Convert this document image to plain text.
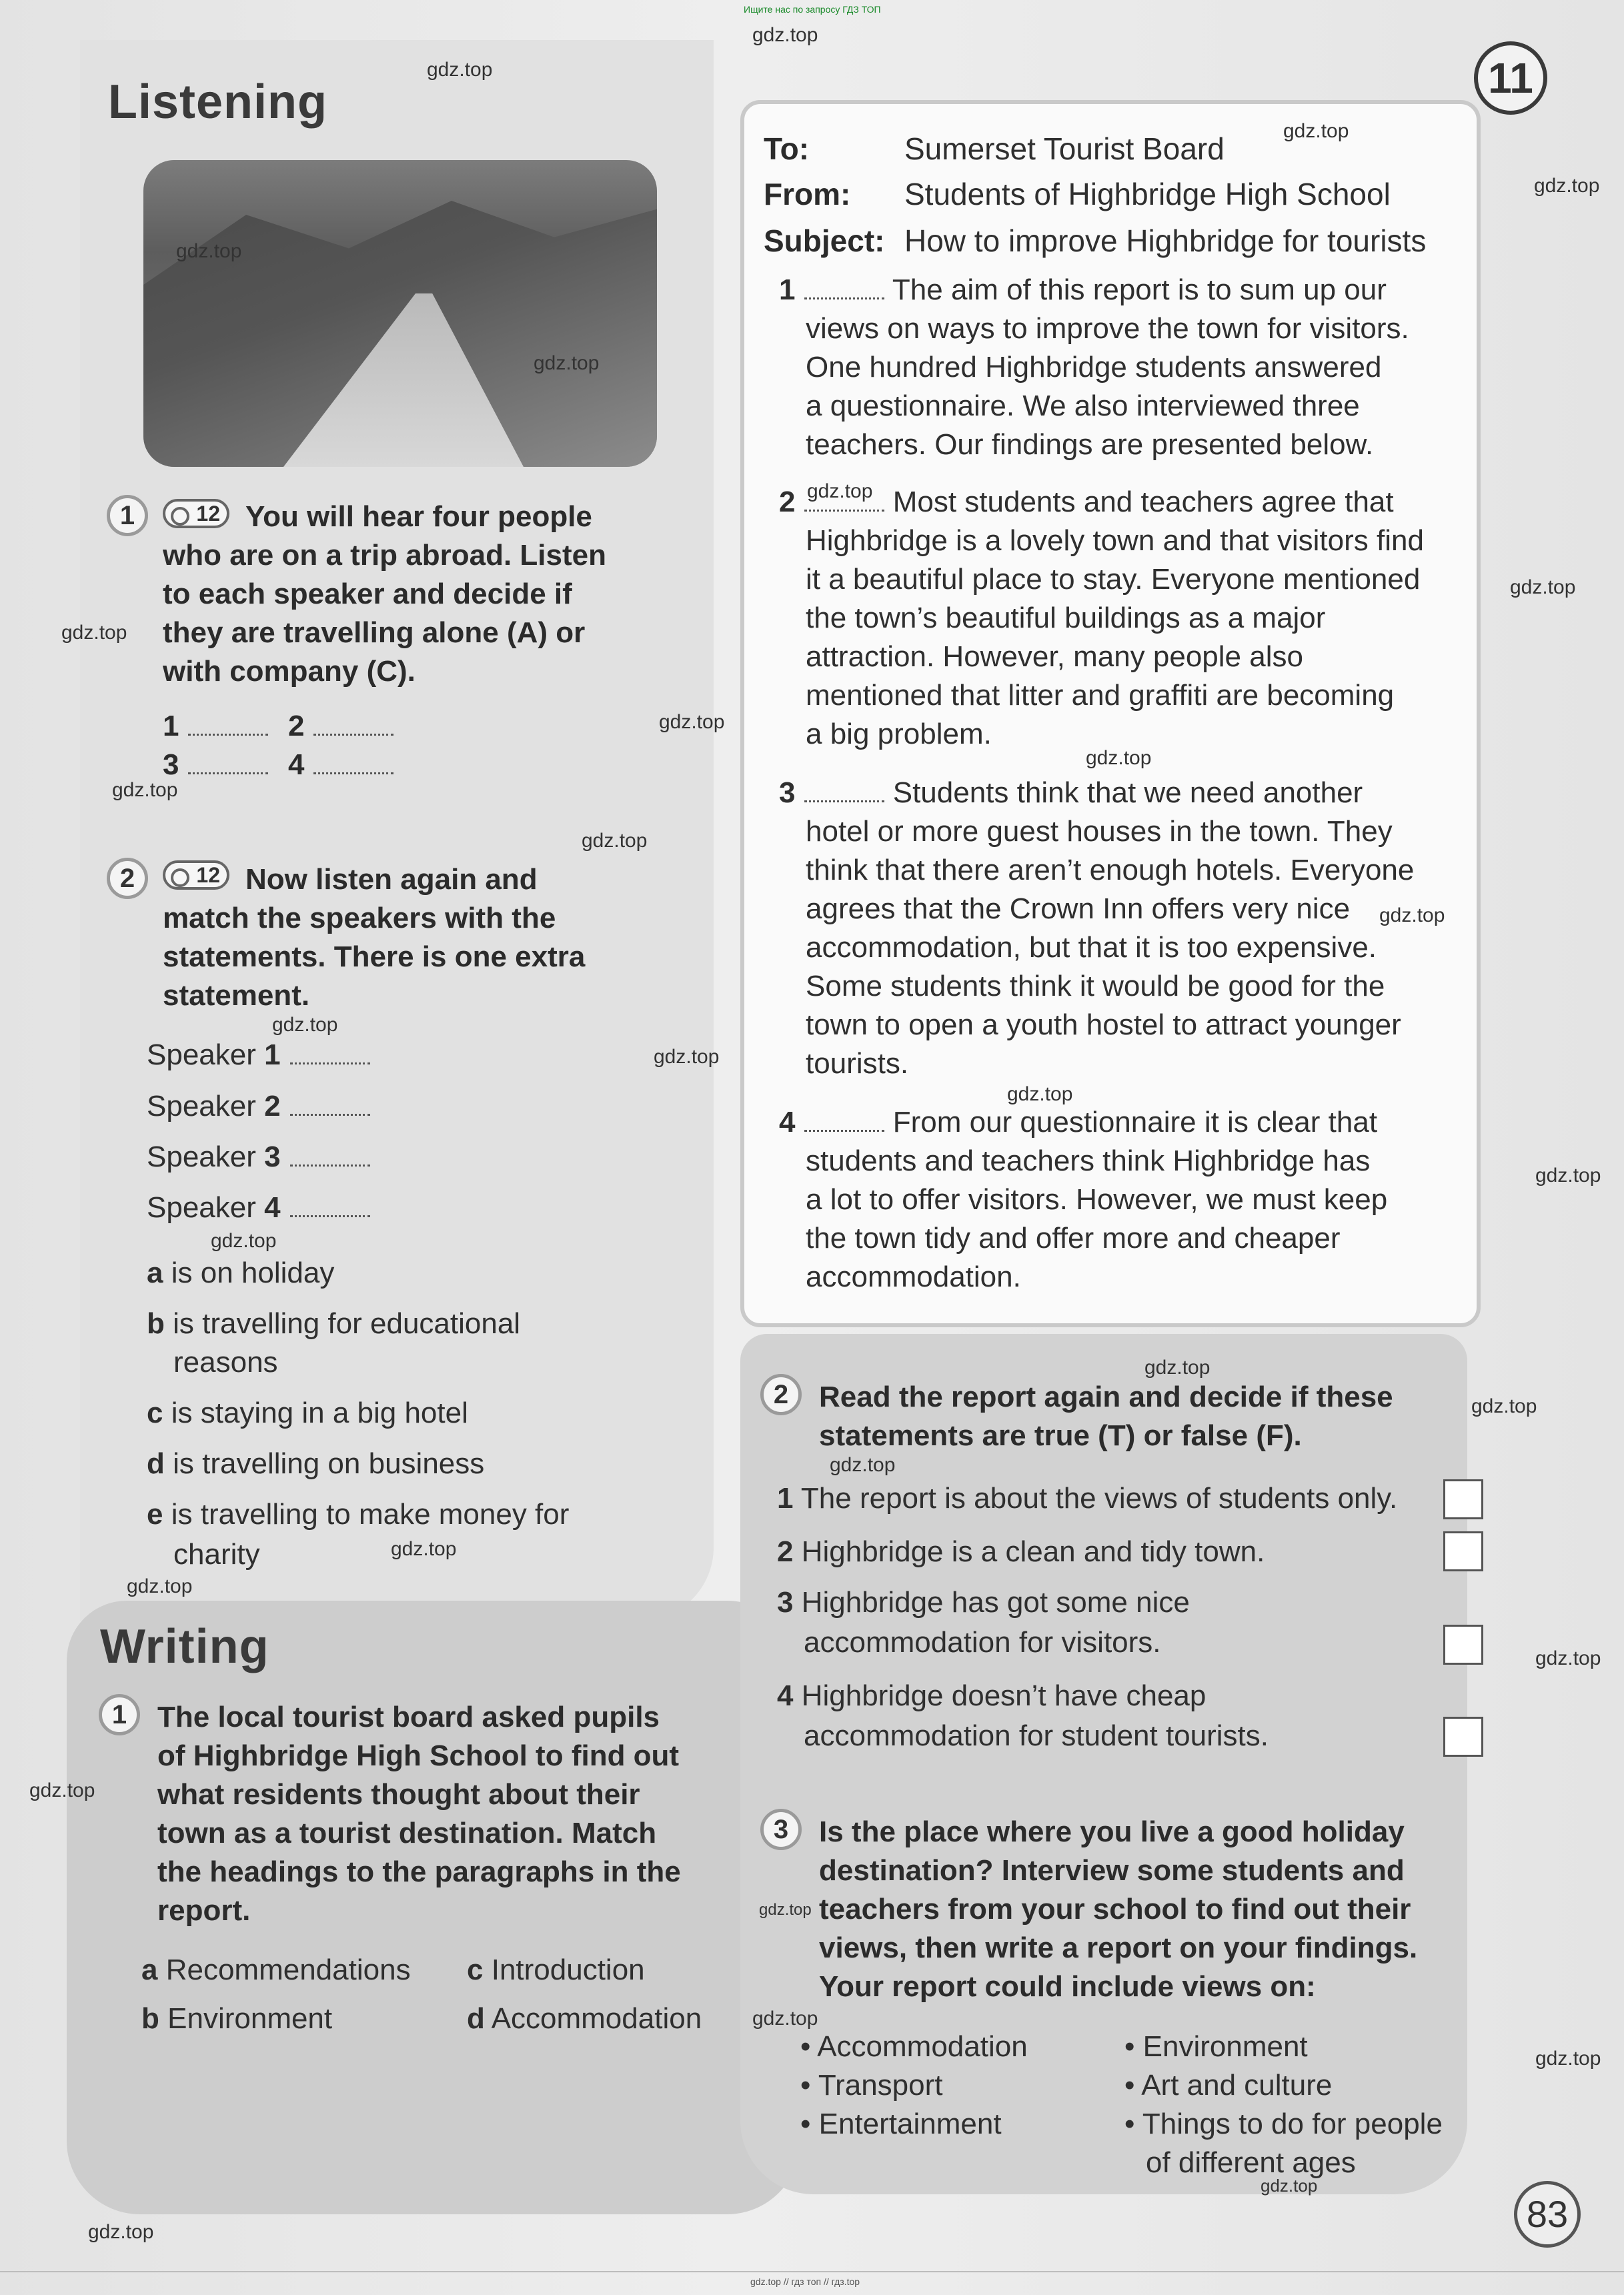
Ищите нас по запросу ГДЗ ТОП
Listening
1	12 You will hear four people
who are on a trip abroad. Listen
to each speaker and decide if
they are travelling alone (A) or
with company (C).
1	2
3	4
2	12 Now listen again and
match the speakers with the
statements. There is one extra
statement.
Speaker 1
Speaker 2
Speaker 3
Speaker 4
a is on holiday
b is travelling for educational
reasons
c is staying in a big hotel
d is travelling on business
e is travelling to make money for
charity
Writing
1	The local tourist board asked pupils
of Highbridge High School to find out
what residents thought about their
town as a tourist destination. Match
the headings to the paragraphs in the
report.
a Recommendations c Introduction
b Environment	d Accommodation
11
To:	Sumerset Tourist Board
From: Students of Highbridge High School
Subject: How to improve Highbridge for tourists
1	The aim of this report is to sum up our
views on ways to improve the town for visitors.
One hundred Highbridge students answered
a questionnaire. We also interviewed three
teachers. Our findings are presented below.
2	Most students and teachers agree that
Highbridge is a lovely town and that visitors find
it a beautiful place to stay. Everyone mentioned
the town’s beautiful buildings as a major
attraction. However, many people also
mentioned that litter and graffiti are becoming
a big problem.
3	Students think that we need another
hotel or more guest houses in the town. They
think that there aren’t enough hotels. Everyone
agrees that the Crown Inn offers very nice
accommodation, but that it is too expensive.
Some students think it would be good for the
town to open a youth hostel to attract younger
tourists.
4	From our questionnaire it is clear that
students and teachers think Highbridge has
a lot to offer visitors. However, we must keep
the town tidy and offer more and cheaper
accommodation.
2	Read the report again and decide if these
statements are true (T) or false (F).
1 The report is about the views of students only.
2 Highbridge is a clean and tidy town.
3 Highbridge has got some nice
accommodation for visitors.
4 Highbridge doesn’t have cheap
accommodation for student tourists.
3	Is the place where you live a good holiday
destination? Interview some students and
teachers from your school to find out their
views, then write a report on your findings.
Your report could include views on:
• Accommodation
• Transport
• Entertainment
• Environment
• Art and culture
• Things to do for people
of different ages
83
gdz.top
gdz.top
gdz.top
gdz.top
gdz.top
gdz.top
gdz.top
gdz.top
gdz.top
gdz.top
gdz.top
gdz.top
gdz.top
gdz.top
gdz.top
gdz.top
gdz.top
gdz.top
gdz.top
gdz.top
gdz.top
gdz.top
gdz.top
gdz.top
gdz.top
gdz.top
gdz.top
gdz.top
gdz.top
gdz.top
gdz.top
gdz.top // гдз топ // гдз.top
